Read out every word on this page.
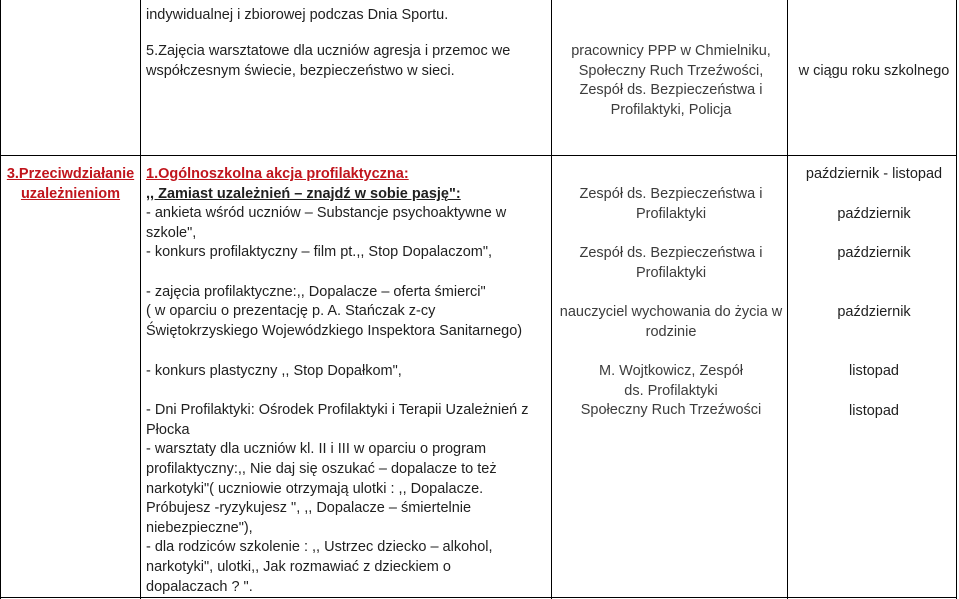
indywidualnej i zbiorowej podczas Dnia Sportu.

5.Zajęcia warsztatowe dla uczniów agresja i przemoc we

współczesnym świecie, bezpieczeństwo w sieci.

pracownicy PPP w Chmielniku,

Społeczny Ruch Trzeźwości,

Zespół ds. Bezpieczeństwa i

Profilaktyki, Policja

w ciągu roku szkolnego

3.Przeciwdziałanie

uzależnieniom

1.Ogólnoszkolna akcja profilaktyczna:

,, Zamiast uzależnień – znajdź w sobie pasję":

- ankieta wśród uczniów – Substancje psychoaktywne w

szkole",

- konkurs profilaktyczny – film pt.,, Stop Dopalaczom",

- zajęcia profilaktyczne:,, Dopalacze – oferta śmierci"

( w oparciu o prezentację p. A. Stańczak z-cy

Świętokrzyskiego Wojewódzkiego Inspektora Sanitarnego)

Zespół ds. Bezpieczeństwa i

Profilaktyki

Zespół ds. Bezpieczeństwa i

Profilaktyki

nauczyciel wychowania do życia w

rodzinie

październik - listopad
październik
październik
październik

- konkurs plastyczny ,, Stop Dopałkom",

- Dni Profilaktyki: Ośrodek Profilaktyki i Terapii Uzależnień z

Płocka

- warsztaty dla uczniów kl. II i III w oparciu o program

profilaktyczny:,, Nie daj się oszukać – dopalacze to też

narkotyki"( uczniowie otrzymają ulotki : ,, Dopalacze.

Próbujesz -ryzykujesz ", ,, Dopalacze – śmiertelnie

niebezpieczne"),

- dla rodziców szkolenie : ,, Ustrzec dziecko – alkohol,

narkotyki", ulotki,, Jak rozmawiać z dzieckiem o

dopalaczach ? ".

M. Wojtkowicz, Zespół

ds. Profilaktyki

Społeczny Ruch Trzeźwości

listopad
listopad
